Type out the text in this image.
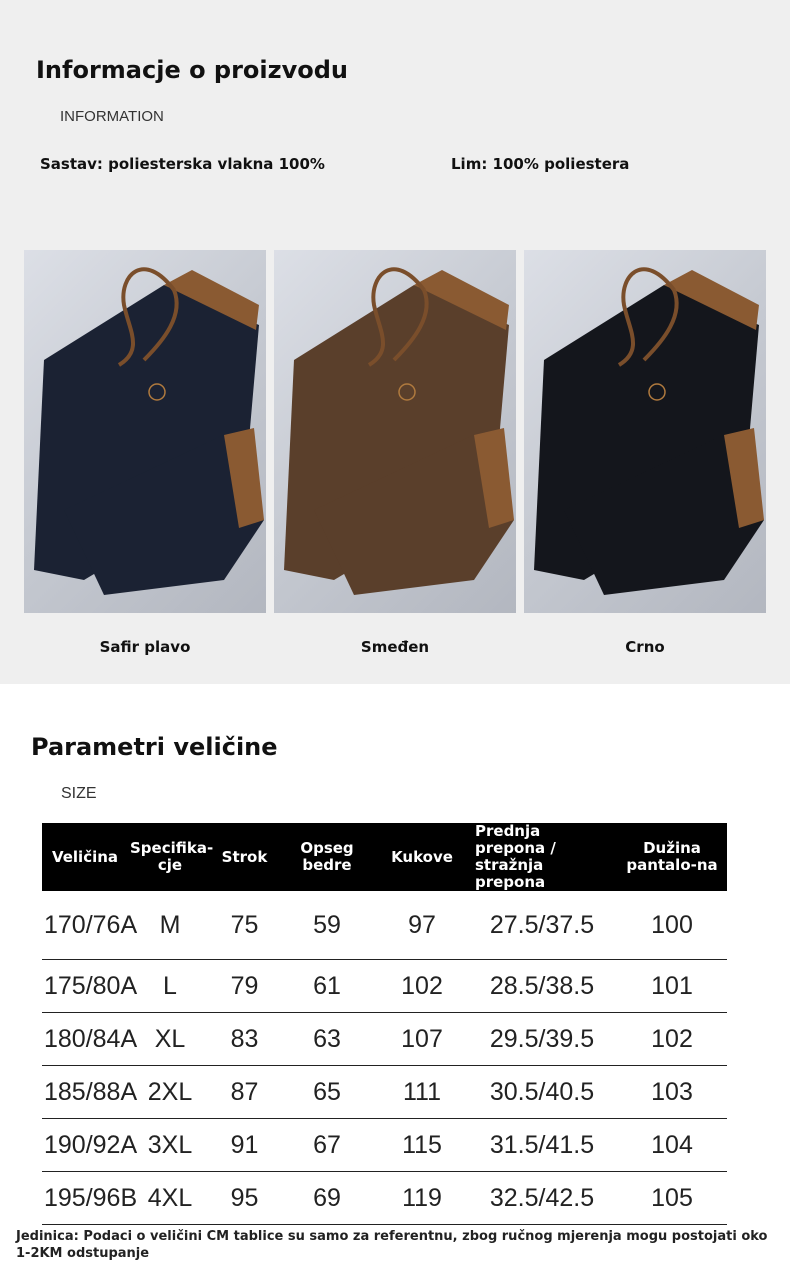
Informacje o proizvodu
INFORMATION
Sastav: poliesterska vlakna 100%	Lim: 100% poliestera
Safir plavo	Smeđen	Crno
Parametri veličine
SIZE
Veličina	Specifika-cje	Strok	Opseg bedre	Kukove	Prednja prepona / stražnja prepona	Dužina pantalo-na
170/76A	M	75	59	97	27.5/37.5	100
175/80A	L	79	61	102	28.5/38.5	101
180/84A	XL	83	63	107	29.5/39.5	102
185/88A	2XL	87	65	111	30.5/40.5	103
190/92A	3XL	91	67	115	31.5/41.5	104
195/96B	4XL	95	69	119	32.5/42.5	105
Jedinica: Podaci o veličini CM tablice su samo za referentnu, zbog ručnog mjerenja mogu postojati oko 1-2KM odstupanje
